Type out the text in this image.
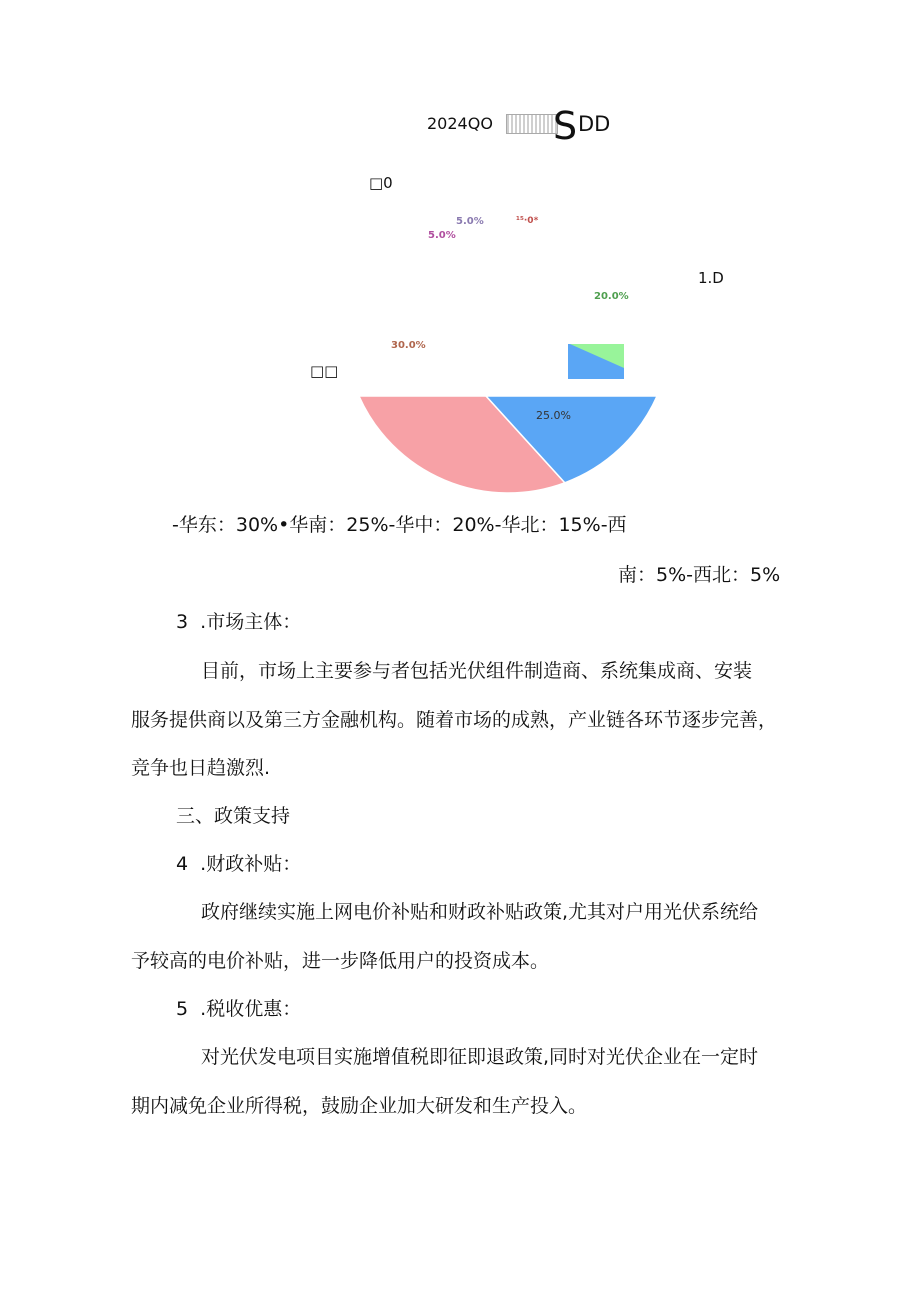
2024QO S DD
□0
1.D
□□
30.0%
25.0%
20.0%
¹⁵·0*
5.0%
5.0%
-华东：30%•华南：25%-华中：20%-华北：15%-西
南：5%-西北：5%
3  .市场主体：
目前，市场上主要参与者包括光伏组件制造商、系统集成商、安装
服务提供商以及第三方金融机构。随着市场的成熟，产业链各环节逐步完善，
竞争也日趋激烈.
三、政策支持
4  .财政补贴：
政府继续实施上网电价补贴和财政补贴政策,尤其对户用光伏系统给
予较高的电价补贴，进一步降低用户的投资成本。
5  .税收优惠：
对光伏发电项目实施增值税即征即退政策,同时对光伏企业在一定时
期内减免企业所得税，鼓励企业加大研发和生产投入。
